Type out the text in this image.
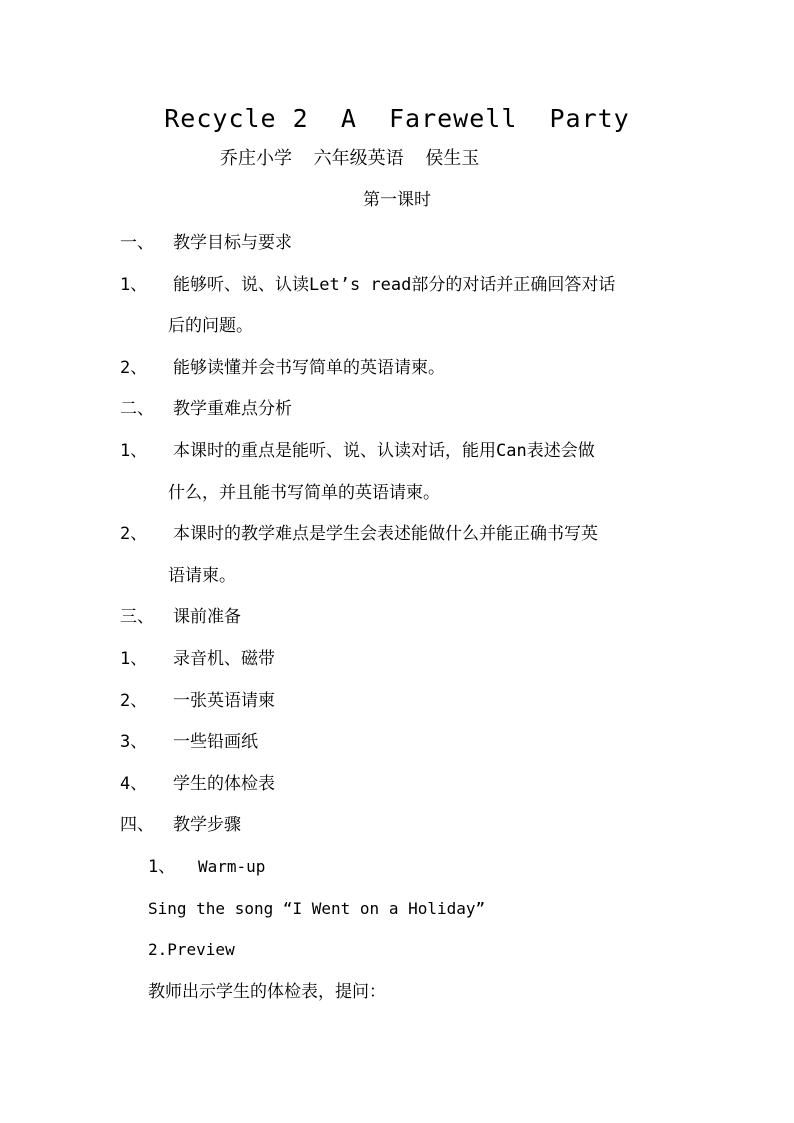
Recycle 2  A  Farewell  Party
乔庄小学  六年级英语  侯生玉
第一课时
一、 教学目标与要求
1、 能够听、说、认读Let’s read部分的对话并正确回答对话
后的问题。
2、 能够读懂并会书写简单的英语请柬。
二、 教学重难点分析
1、 本课时的重点是能听、说、认读对话，能用Can表述会做
什么，并且能书写简单的英语请柬。
2、 本课时的教学难点是学生会表述能做什么并能正确书写英
语请柬。
三、 课前准备
1、 录音机、磁带
2、 一张英语请柬
3、 一些铅画纸
4、 学生的体检表
四、 教学步骤
1、 Warm-up
Sing the song “I Went on a Holiday”
2.Preview
教师出示学生的体检表，提问：
